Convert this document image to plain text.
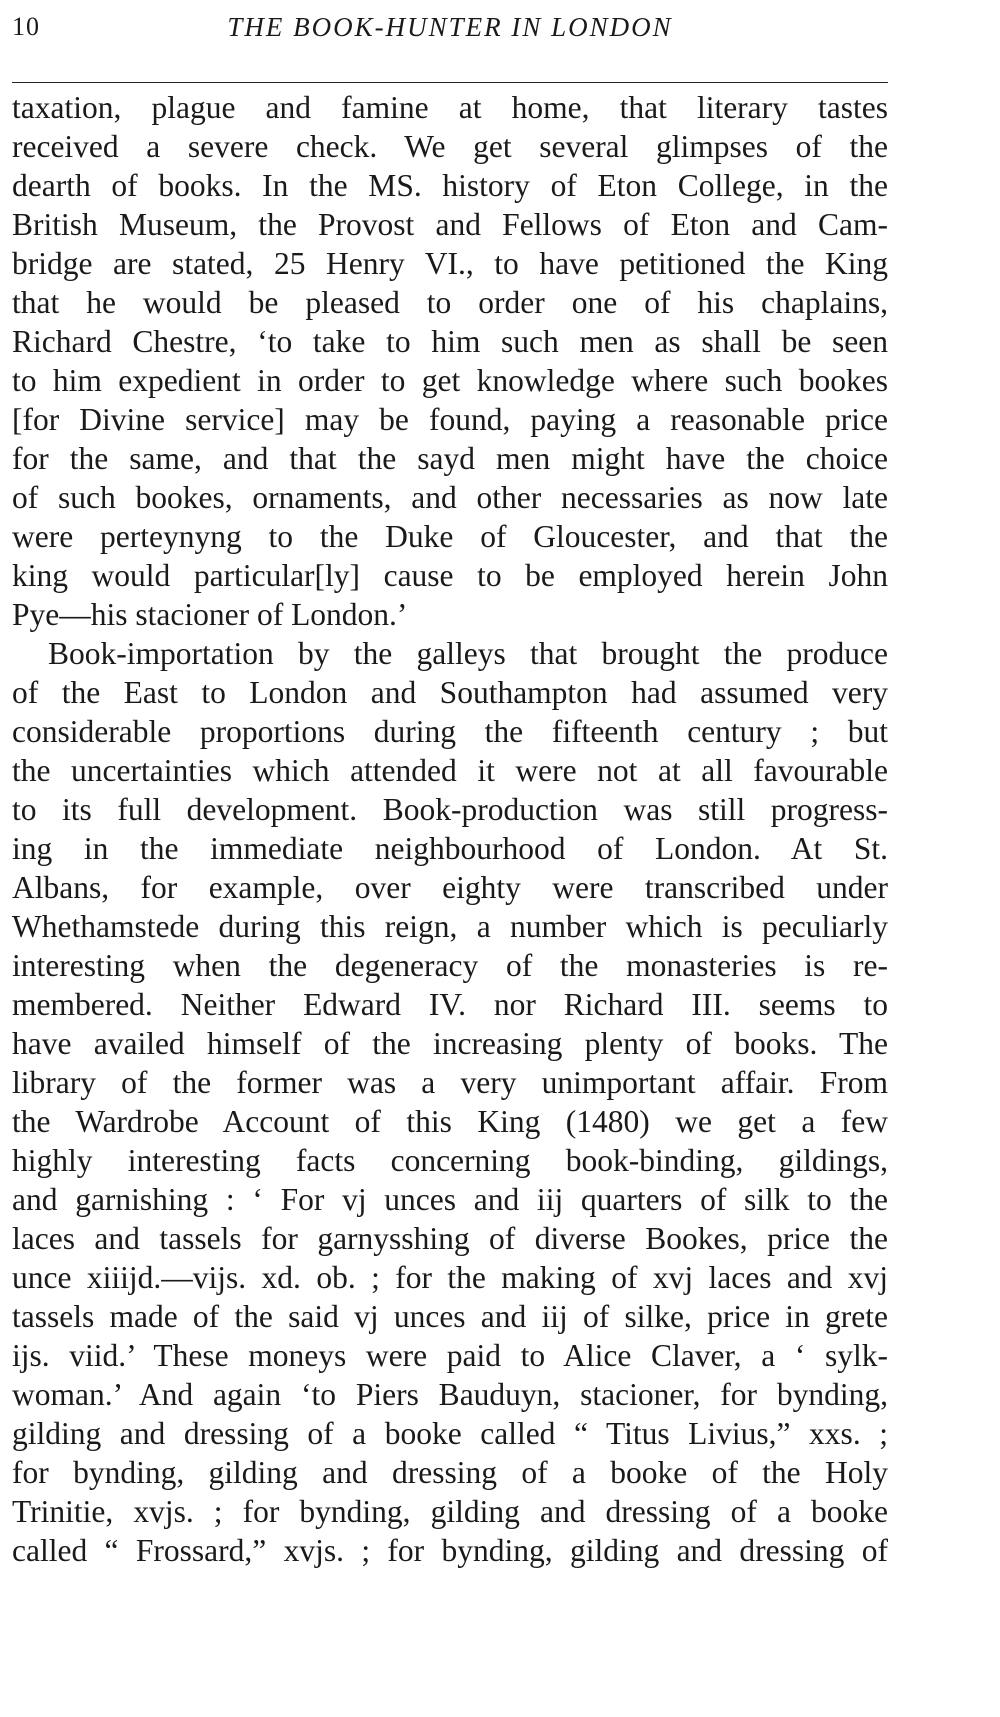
10	THE BOOK-HUNTER IN LONDON
taxation, plague and famine at home, that literary tastes
received a severe check. We get several glimpses of the
dearth of books. In the MS. history of Eton College, in the
British Museum, the Provost and Fellows of Eton and Cam-
bridge are stated, 25 Henry VI., to have petitioned the King
that he would be pleased to order one of his chaplains,
Richard Chestre, ‘to take to him such men as shall be seen
to him expedient in order to get knowledge where such bookes
[for Divine service] may be found, paying a reasonable price
for the same, and that the sayd men might have the choice
of such bookes, ornaments, and other necessaries as now late
were perteynyng to the Duke of Gloucester, and that the
king would particular[ly] cause to be employed herein John
Pye—his stacioner of London.’
Book-importation by the galleys that brought the produce
of the East to London and Southampton had assumed very
considerable proportions during the fifteenth century ; but
the uncertainties which attended it were not at all favourable
to its full development. Book-production was still progress-
ing in the immediate neighbourhood of London. At St.
Albans, for example, over eighty were transcribed under
Whethamstede during this reign, a number which is peculiarly
interesting when the degeneracy of the monasteries is re-
membered. Neither Edward IV. nor Richard III. seems to
have availed himself of the increasing plenty of books. The
library of the former was a very unimportant affair. From
the Wardrobe Account of this King (1480) we get a few
highly interesting facts concerning book-binding, gildings,
and garnishing : ‘ For vj unces and iij quarters of silk to the
laces and tassels for garnysshing of diverse Bookes, price the
unce xiiijd.—vijs. xd. ob. ; for the making of xvj laces and xvj
tassels made of the said vj unces and iij of silke, price in grete
ijs. viid.’ These moneys were paid to Alice Claver, a ‘ sylk-
woman.’ And again ‘to Piers Bauduyn, stacioner, for bynding,
gilding and dressing of a booke called “ Titus Livius,” xxs. ;
for bynding, gilding and dressing of a booke of the Holy
Trinitie, xvjs. ; for bynding, gilding and dressing of a booke
called “ Frossard,” xvjs. ; for bynding, gilding and dressing of
